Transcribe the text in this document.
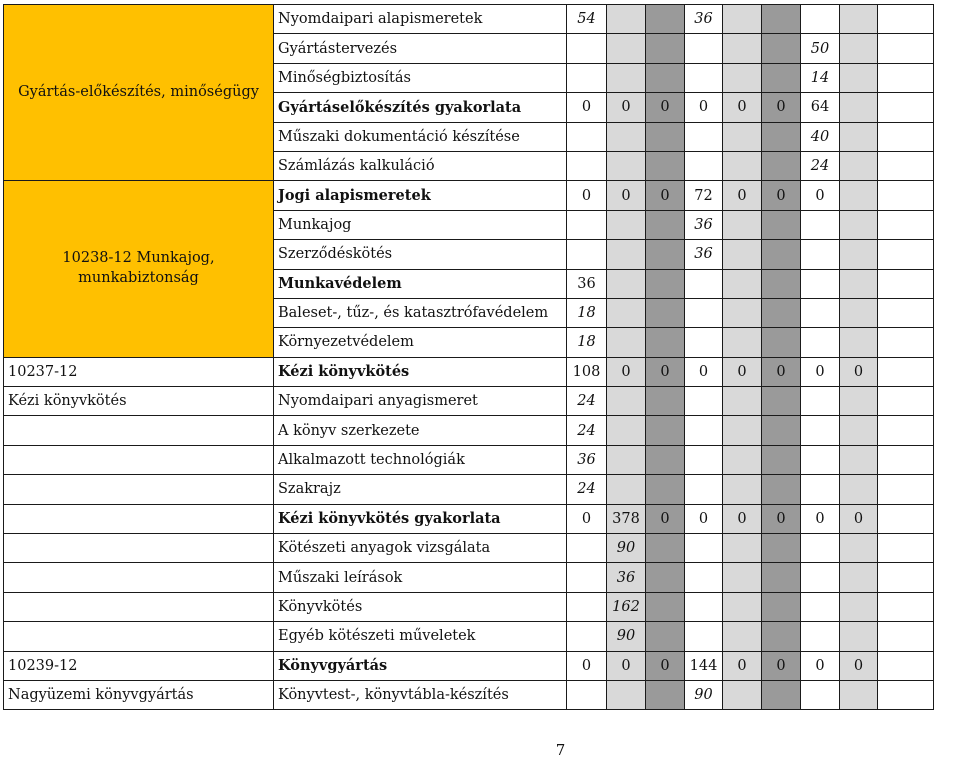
Gyártás-előkészítés, minőségügy	Nyomdaipari alapismeretek	54			36						
	Gyártástervezés							50			
	Minőségbiztosítás							14			
	Gyártáselőkészítés gyakorlata	0	0	0	0	0	0	64			
	Műszaki dokumentáció készítése							40			
	Számlázás kalkuláció							24			
10238-12 Munkajog, munkabiztonság	Jogi alapismeretek	0	0	0	72	0	0	0			
	Munkajog				36						
	Szerződéskötés				36						
	Munkavédelem	36									
	Baleset-, tűz-, és katasztrófavédelem	18									
	Környezetvédelem	18									
10237-12	Kézi könyvkötés	108	0	0	0	0	0	0	0		
Kézi könyvkötés	Nyomdaipari anyagismeret	24									
	A könyv szerkezete	24									
	Alkalmazott technológiák	36									
	Szakrajz	24									
	Kézi könyvkötés gyakorlata	0	378	0	0	0	0	0	0		
	Kötészeti anyagok vizsgálata		90								
	Műszaki leírások		36								
	Könyvkötés		162								
	Egyéb kötészeti műveletek		90								
10239-12	Könyvgyártás	0	0	0	144	0	0	0	0		
Nagyüzemi könyvgyártás	Könyvtest-, könyvtábla-készítés				90						
7
